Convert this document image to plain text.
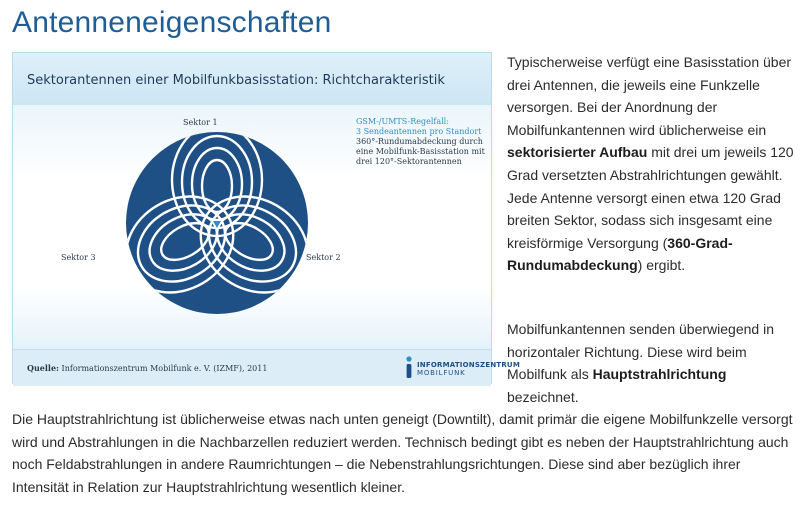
Antenneneigenschaften
Sektorantennen einer Mobilfunkbasisstation: Richtcharakteristik
Sektor 1
Sektor 3	Sektor 2
GSM-/UMTS-Regelfall:
3 Sendeantennen pro Standort
360°-Rundumabdeckung durch
eine Mobilfunk-Basisstation mit
drei 120°-Sektorantennen
Quelle: Informationszentrum Mobilfunk e. V. (IZMF), 2011	INFORMATIONSZENTRUM
MOBILFUNK
Typischerweise verfügt eine Basisstation über drei Antennen, die jeweils eine Funkzelle versorgen. Bei der Anordnung der Mobilfunkantennen wird üblicherweise ein sektorisierter Aufbau mit drei um jeweils 120 Grad versetzten Abstrahlrichtungen gewählt. Jede Antenne versorgt einen etwa 120 Grad breiten Sektor, sodass sich insgesamt eine kreisförmige Versorgung (360-Grad-Rundumabdeckung) ergibt.
Mobilfunkantennen senden überwiegend in horizontaler Richtung. Diese wird beim Mobilfunk als Hauptstrahlrichtung bezeichnet.
Die Hauptstrahlrichtung ist üblicherweise etwas nach unten geneigt (Downtilt), damit primär die eigene Mobilfunkzelle versorgt wird und Abstrahlungen in die Nachbarzellen reduziert werden. Technisch bedingt gibt es neben der Hauptstrahlrichtung auch noch Feldabstrahlungen in andere Raumrichtungen – die Nebenstrahlungsrichtungen. Diese sind aber bezüglich ihrer Intensität in Relation zur Hauptstrahlrichtung wesentlich kleiner.
